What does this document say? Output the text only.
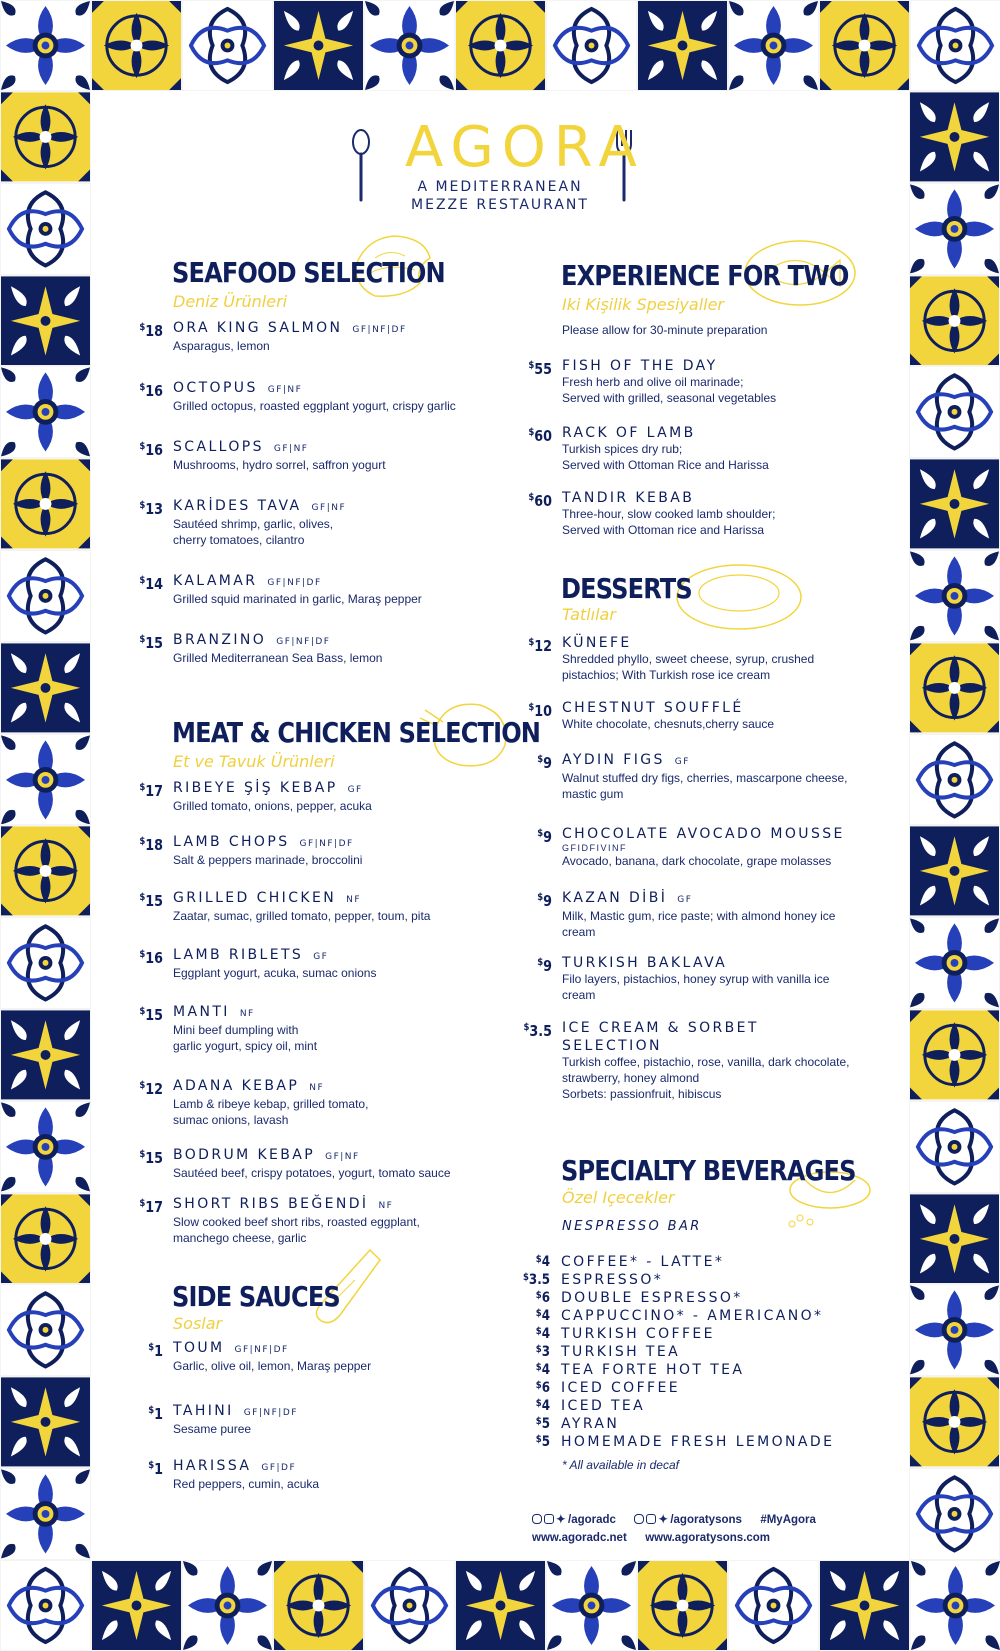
AGORA
A MEDITERRANEAN
MEZZE RESTAURANT
SEAFOOD SELECTION
Deniz Ürünleri
MEAT & CHICKEN SELECTION
Et ve Tavuk Ürünleri
SIDE SAUCES
Soslar
EXPERIENCE FOR TWO
Iki Kişilik Spesiyaller
Please allow for 30-minute preparation
DESSERTS
Tatlılar
SPECIALTY BEVERAGES
Özel Içecekler
NESPRESSO BAR
$18 ORA KING SALMON GF|NF|DF
Asparagus, lemon
$16 OCTOPUS GF|NF
Grilled octopus, roasted eggplant yogurt, crispy garlic
$16 SCALLOPS GF|NF
Mushrooms, hydro sorrel, saffron yogurt
$13 KARİDES TAVA GF|NF
Sautéed shrimp, garlic, olives,
cherry tomatoes, cilantro
$14 KALAMAR GF|NF|DF
Grilled squid marinated in garlic, Maraş pepper
$15 BRANZINO GF|NF|DF
Grilled Mediterranean Sea Bass, lemon
$17 RIBEYE ŞİŞ KEBAP GF
Grilled tomato, onions, pepper, acuka
$18 LAMB CHOPS GF|NF|DF
Salt & peppers marinade, broccolini
$15 GRILLED CHICKEN NF
Zaatar, sumac, grilled tomato, pepper, toum, pita
$16 LAMB RIBLETS GF
Eggplant yogurt, acuka, sumac onions
$15 MANTI NF
Mini beef dumpling with
garlic yogurt, spicy oil, mint
$12 ADANA KEBAP NF
Lamb & ribeye kebap, grilled tomato,
sumac onions, lavash
$15 BODRUM KEBAP GF|NF
Sautéed beef, crispy potatoes, yogurt, tomato sauce
$17 SHORT RIBS BEĞENDİ NF
Slow cooked beef short ribs, roasted eggplant,
manchego cheese, garlic
$1 TOUM GF|NF|DF
Garlic, olive oil, lemon, Maraş pepper
$1 TAHINI GF|NF|DF
Sesame puree
$1 HARISSA GF|DF
Red peppers, cumin, acuka
$55 FISH OF THE DAY
Fresh herb and olive oil marinade;
Served with grilled, seasonal vegetables
$60 RACK OF LAMB
Turkish spices dry rub;
Served with Ottoman Rice and Harissa
$60 TANDIR KEBAB
Three-hour, slow cooked lamb shoulder;
Served with Ottoman rice and Harissa
$12 KÜNEFE
Shredded phyllo, sweet cheese, syrup, crushed
pistachios; With Turkish rose ice cream
$10 CHESTNUT SOUFFLÉ
White chocolate, chesnuts,cherry sauce
$9 AYDIN FIGS GF
Walnut stuffed dry figs, cherries, mascarpone cheese,
mastic gum
$9 CHOCOLATE AVOCADO MOUSSE
GFIDFIVINF
Avocado, banana, dark chocolate, grape molasses
$9 KAZAN DİBİ GF
Milk, Mastic gum, rice paste; with almond honey ice
cream
$9 TURKISH BAKLAVA
Filo layers, pistachios, honey syrup with vanilla ice
cream
$3.5 ICE CREAM & SORBET
SELECTION
Turkish coffee, pistachio, rose, vanilla, dark chocolate,
strawberry, honey almond
Sorbets: passionfruit, hibiscus
$4 COFFEE* - LATTE*
$3.5 ESPRESSO*
$6 DOUBLE ESPRESSO*
$4 CAPPUCCINO* - AMERICANO*
$4 TURKISH COFFEE
$3 TURKISH TEA
$4 TEA FORTE HOT TEA
$6 ICED COFFEE
$4 ICED TEA
$5 AYRAN
$5 HOMEMADE FRESH LEMONADE
* All available in decaf
✦ /agoradc	✦ /agoratysons #MyAgora
www.agoradc.net www.agoratysons.com
